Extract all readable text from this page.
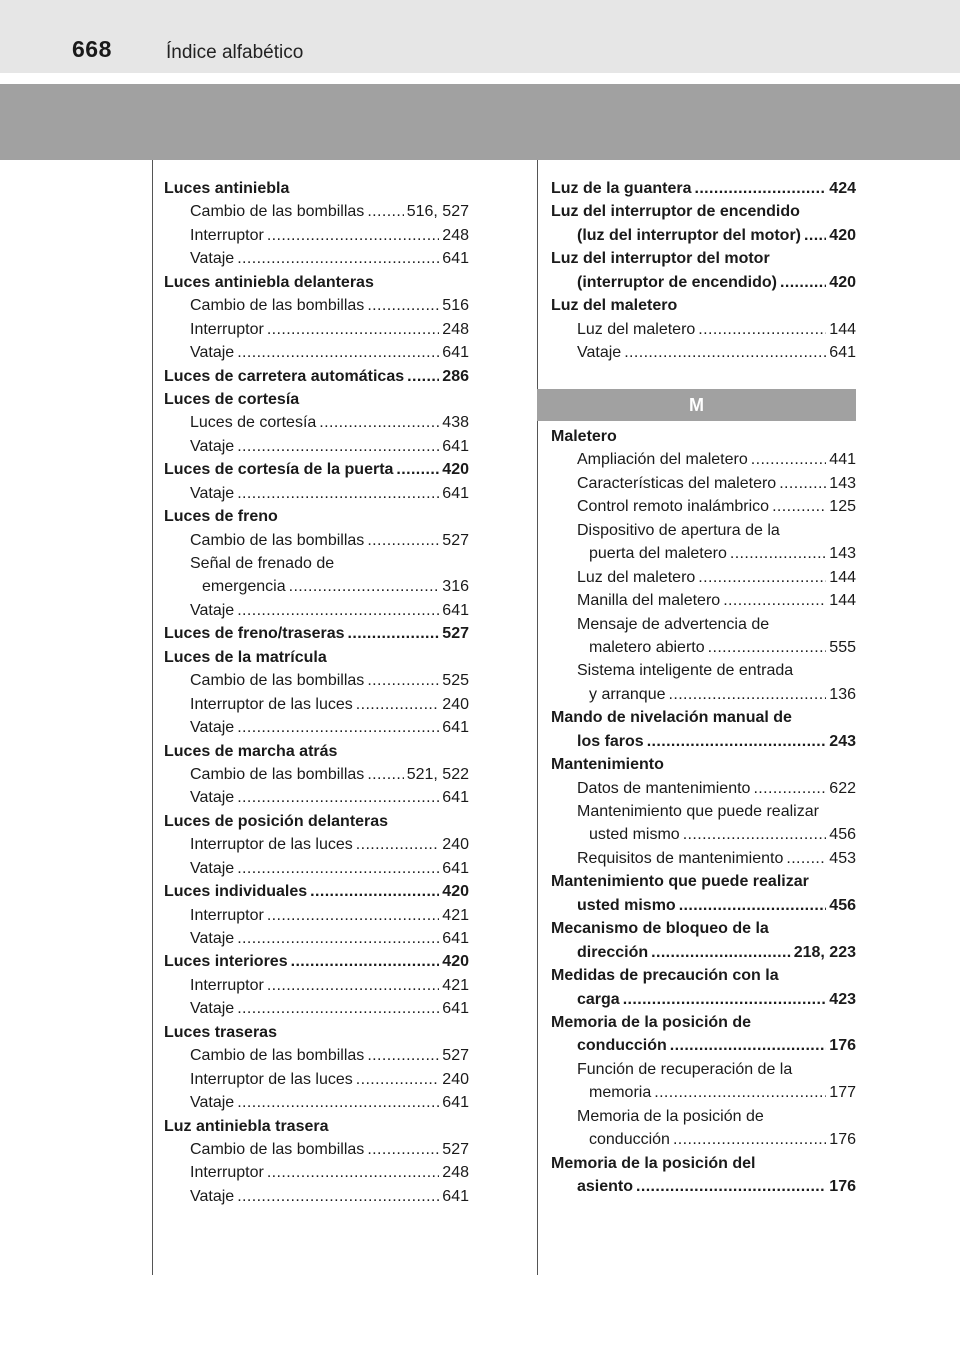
668	Índice alfabético
Luces antiniebla
Cambio de las bombillas .....	516, 527
Interruptor .....	248
Vataje .....	641
Luces antiniebla delanteras
Cambio de las bombillas .....	516
Interruptor .....	248
Vataje .....	641
Luces de carretera automáticas ..... 286
Luces de cortesía
Luces de cortesía .....	438
Vataje .....	641
Luces de cortesía de la puerta .....	420
Vataje .....	641
Luces de freno
Cambio de las bombillas .....	527
Señal de frenado de
emergencia .....	316
Vataje .....	641
Luces de freno/traseras .....	527
Luces de la matrícula
Cambio de las bombillas .....	525
Interruptor de las luces .....	240
Vataje .....	641
Luces de marcha atrás
Cambio de las bombillas .....	521, 522
Vataje .....	641
Luces de posición delanteras
Interruptor de las luces .....	240
Vataje .....	641
Luces individuales .....	420
Interruptor .....	421
Vataje .....	641
Luces interiores .....	420
Interruptor .....	421
Vataje .....	641
Luces traseras
Cambio de las bombillas .....	527
Interruptor de las luces .....	240
Vataje .....	641
Luz antiniebla trasera
Cambio de las bombillas .....	527
Interruptor .....	248
Vataje .....	641
Luz de la guantera .....	424
Luz del interruptor de encendido
(luz del interruptor del motor) ..... 420
Luz del interruptor del motor
(interruptor de encendido) .....	420
Luz del maletero
Luz del maletero .....	144
Vataje .....	641
M
Maletero
Ampliación del maletero .....	441
Características del maletero .....	143
Control remoto inalámbrico .....	125
Dispositivo de apertura de la
puerta del maletero .....	143
Luz del maletero .....	144
Manilla del maletero .....	144
Mensaje de advertencia de
maletero abierto .....	555
Sistema inteligente de entrada
y arranque .....	136
Mando de nivelación manual de
los faros .....	243
Mantenimiento
Datos de mantenimiento .....	622
Mantenimiento que puede realizar
usted mismo .....	456
Requisitos de mantenimiento .....	453
Mantenimiento que puede realizar
usted mismo .....	456
Mecanismo de bloqueo de la
dirección .....	218, 223
Medidas de precaución con la
carga .....	423
Memoria de la posición de
conducción .....	176
Función de recuperación de la
memoria .....	177
Memoria de la posición de
conducción .....	176
Memoria de la posición del
asiento .....	176
